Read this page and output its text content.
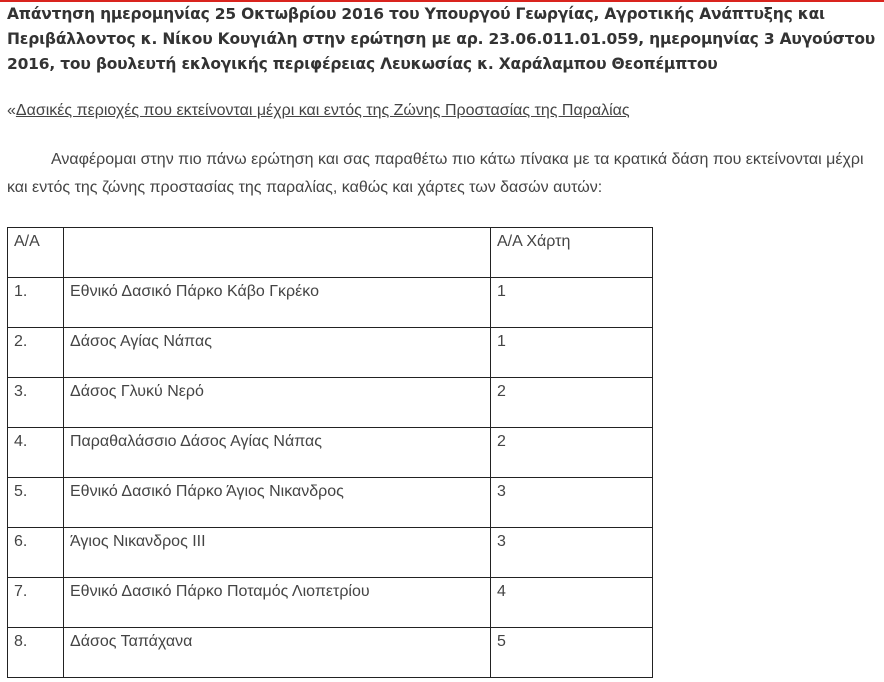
Απάντηση ημερομηνίας 25 Οκτωβρίου 2016 του Υπουργού Γεωργίας, Αγροτικής Ανάπτυξης και Περιβάλλοντος κ. Νίκου Κουγιάλη στην ερώτηση με αρ. 23.06.011.01.059, ημερομηνίας 3 Αυγούστου 2016, του βουλευτή εκλογικής περιφέρειας Λευκωσίας κ. Χαράλαμπου Θεοπέμπτου

«Δασικές περιοχές που εκτείνονται μέχρι και εντός της Ζώνης Προστασίας της Παραλίας

Αναφέρομαι στην πιο πάνω ερώτηση και σας παραθέτω πιο κάτω πίνακα με τα κρατικά δάση που εκτείνονται μέχρι και εντός της ζώνης προστασίας της παραλίας, καθώς και χάρτες των δασών αυτών:

Α/Α		Α/Α Χάρτη
1.	Εθνικό Δασικό Πάρκο Κάβο Γκρέκο	1
2.	Δάσος Αγίας Νάπας	1
3.	Δάσος Γλυκύ Νερό	2
4.	Παραθαλάσσιο Δάσος Αγίας Νάπας	2
5.	Εθνικό Δασικό Πάρκο Άγιος Νικανδρος	3
6.	Άγιος Νικανδρος ΙΙΙ	3
7.	Εθνικό Δασικό Πάρκο Ποταμός Λιοπετρίου	4
8.	Δάσος Ταπάχανα	5
